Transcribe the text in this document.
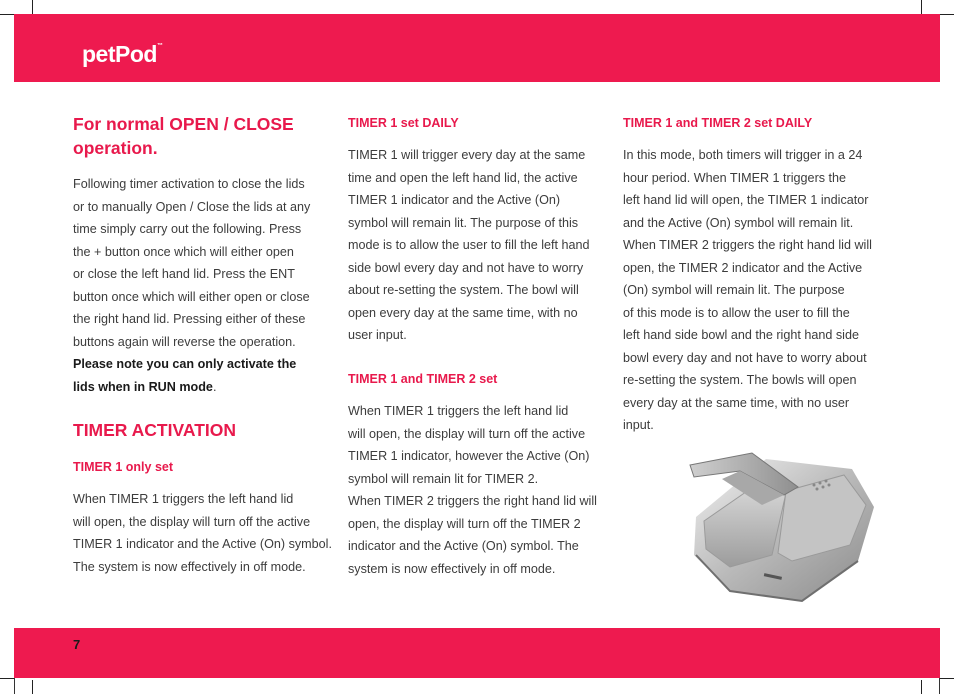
petPod™
For normal OPEN / CLOSE operation.
Following timer activation to close the lids
or to manually Open / Close the lids at any
time simply carry out the following. Press
the + button once which will either open
or close the left hand lid. Press the ENT
button once which will either open or close
the right hand lid. Pressing either of these
buttons again will reverse the operation.
Please note you can only activate the
lids when in RUN mode.
TIMER ACTIVATION
TIMER 1 only set
When TIMER 1 triggers the left hand lid
will open, the display will turn off the active
TIMER 1 indicator and the Active (On) symbol.
The system is now effectively in off mode.
TIMER 1 set DAILY
TIMER 1 will trigger every day at the same
time and open the left hand lid, the active
TIMER 1 indicator and the Active (On)
symbol will remain lit. The purpose of this
mode is to allow the user to fill the left hand
side bowl every day and not have to worry
about re-setting the system. The bowl will
open every day at the same time, with no
user input.
TIMER 1 and TIMER 2 set
When TIMER 1 triggers the left hand lid
will open, the display will turn off the active
TIMER 1 indicator, however the Active (On)
symbol will remain lit for TIMER 2.
When TIMER 2 triggers the right hand lid will
open, the display will turn off the TIMER 2
indicator and the Active (On) symbol. The
system is now effectively in off mode.
TIMER 1 and TIMER 2 set DAILY
In this mode, both timers will trigger in a 24
hour period. When TIMER 1 triggers the
left hand lid will open, the TIMER 1 indicator
and the Active (On) symbol will remain lit.
When TIMER 2 triggers the right hand lid will
open, the TIMER 2 indicator and the Active
(On) symbol will remain lit. The purpose
of this mode is to allow the user to fill the
left hand side bowl and the right hand side
bowl every day and not have to worry about
re-setting the system. The bowls will open
every day at the same time, with no user
input.
7
